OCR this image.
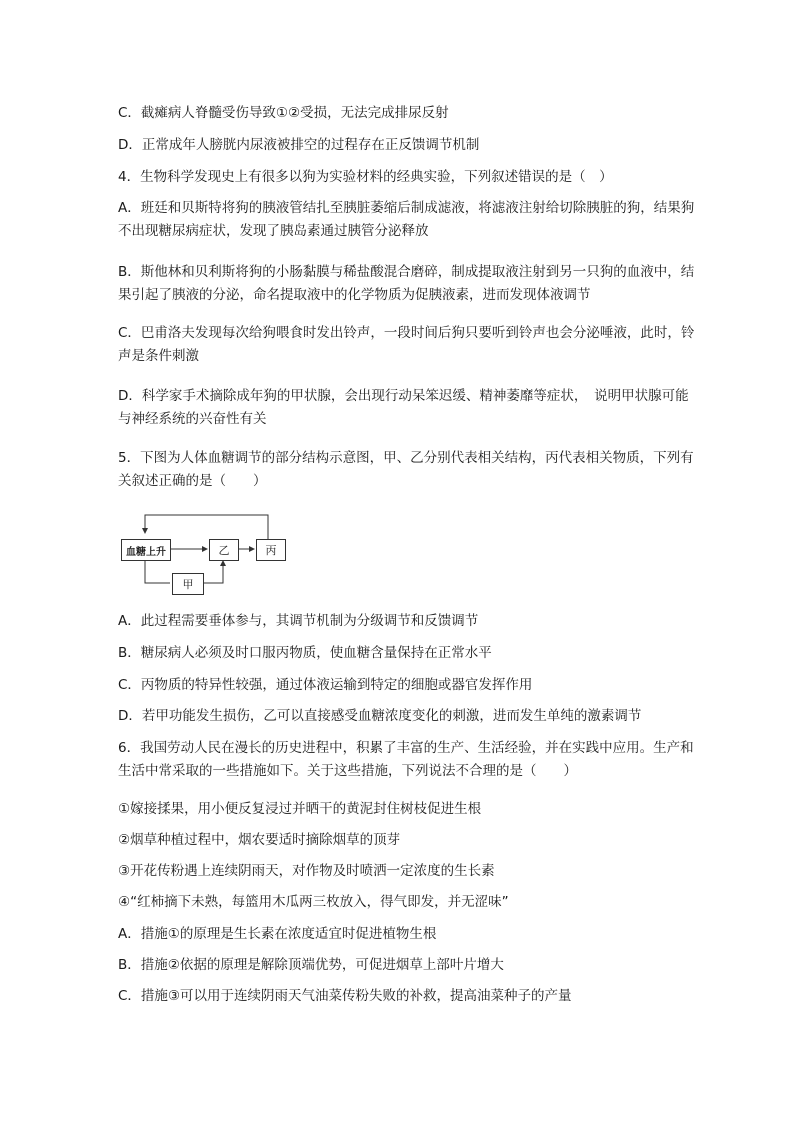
C．截瘫病人脊髓受伤导致①②受损，无法完成排尿反射
D．正常成年人膀胱内尿液被排空的过程存在正反馈调节机制
4．生物科学发现史上有很多以狗为实验材料的经典实验，下列叙述错误的是（　）
A．班廷和贝斯特将狗的胰液管结扎至胰脏萎缩后制成滤液，将滤液注射给切除胰脏的狗，结果狗不出现糖尿病症状，发现了胰岛素通过胰管分泌释放
B．斯他林和贝利斯将狗的小肠黏膜与稀盐酸混合磨碎，制成提取液注射到另一只狗的血液中，结果引起了胰液的分泌，命名提取液中的化学物质为促胰液素，进而发现体液调节
C．巴甫洛夫发现每次给狗喂食时发出铃声，一段时间后狗只要听到铃声也会分泌唾液，此时，铃声是条件刺激
D．科学家手术摘除成年狗的甲状腺，会出现行动呆笨迟缓、精神萎靡等症状，　说明甲状腺可能与神经系统的兴奋性有关
5．下图为人体血糖调节的部分结构示意图，甲、乙分别代表相关结构，丙代表相关物质，下列有关叙述正确的是（　　）
血糖上升	乙	丙
甲
A．此过程需要垂体参与，其调节机制为分级调节和反馈调节
B．糖尿病人必须及时口服丙物质，使血糖含量保持在正常水平
C．丙物质的特异性较强，通过体液运输到特定的细胞或器官发挥作用
D．若甲功能发生损伤，乙可以直接感受血糖浓度变化的刺激，进而发生单纯的激素调节
6．我国劳动人民在漫长的历史进程中，积累了丰富的生产、生活经验，并在实践中应用。生产和生活中常采取的一些措施如下。关于这些措施，下列说法不合理的是（　　）
①嫁接揉果，用小便反复浸过并晒干的黄泥封住树枝促进生根
②烟草种植过程中，烟农要适时摘除烟草的顶芽
③开花传粉遇上连续阴雨天，对作物及时喷洒一定浓度的生长素
④“红柿摘下未熟，每篮用木瓜两三枚放入，得气即发，并无涩味”
A．措施①的原理是生长素在浓度适宜时促进植物生根
B．措施②依据的原理是解除顶端优势，可促进烟草上部叶片增大
C．措施③可以用于连续阴雨天气油菜传粉失败的补救，提高油菜种子的产量
